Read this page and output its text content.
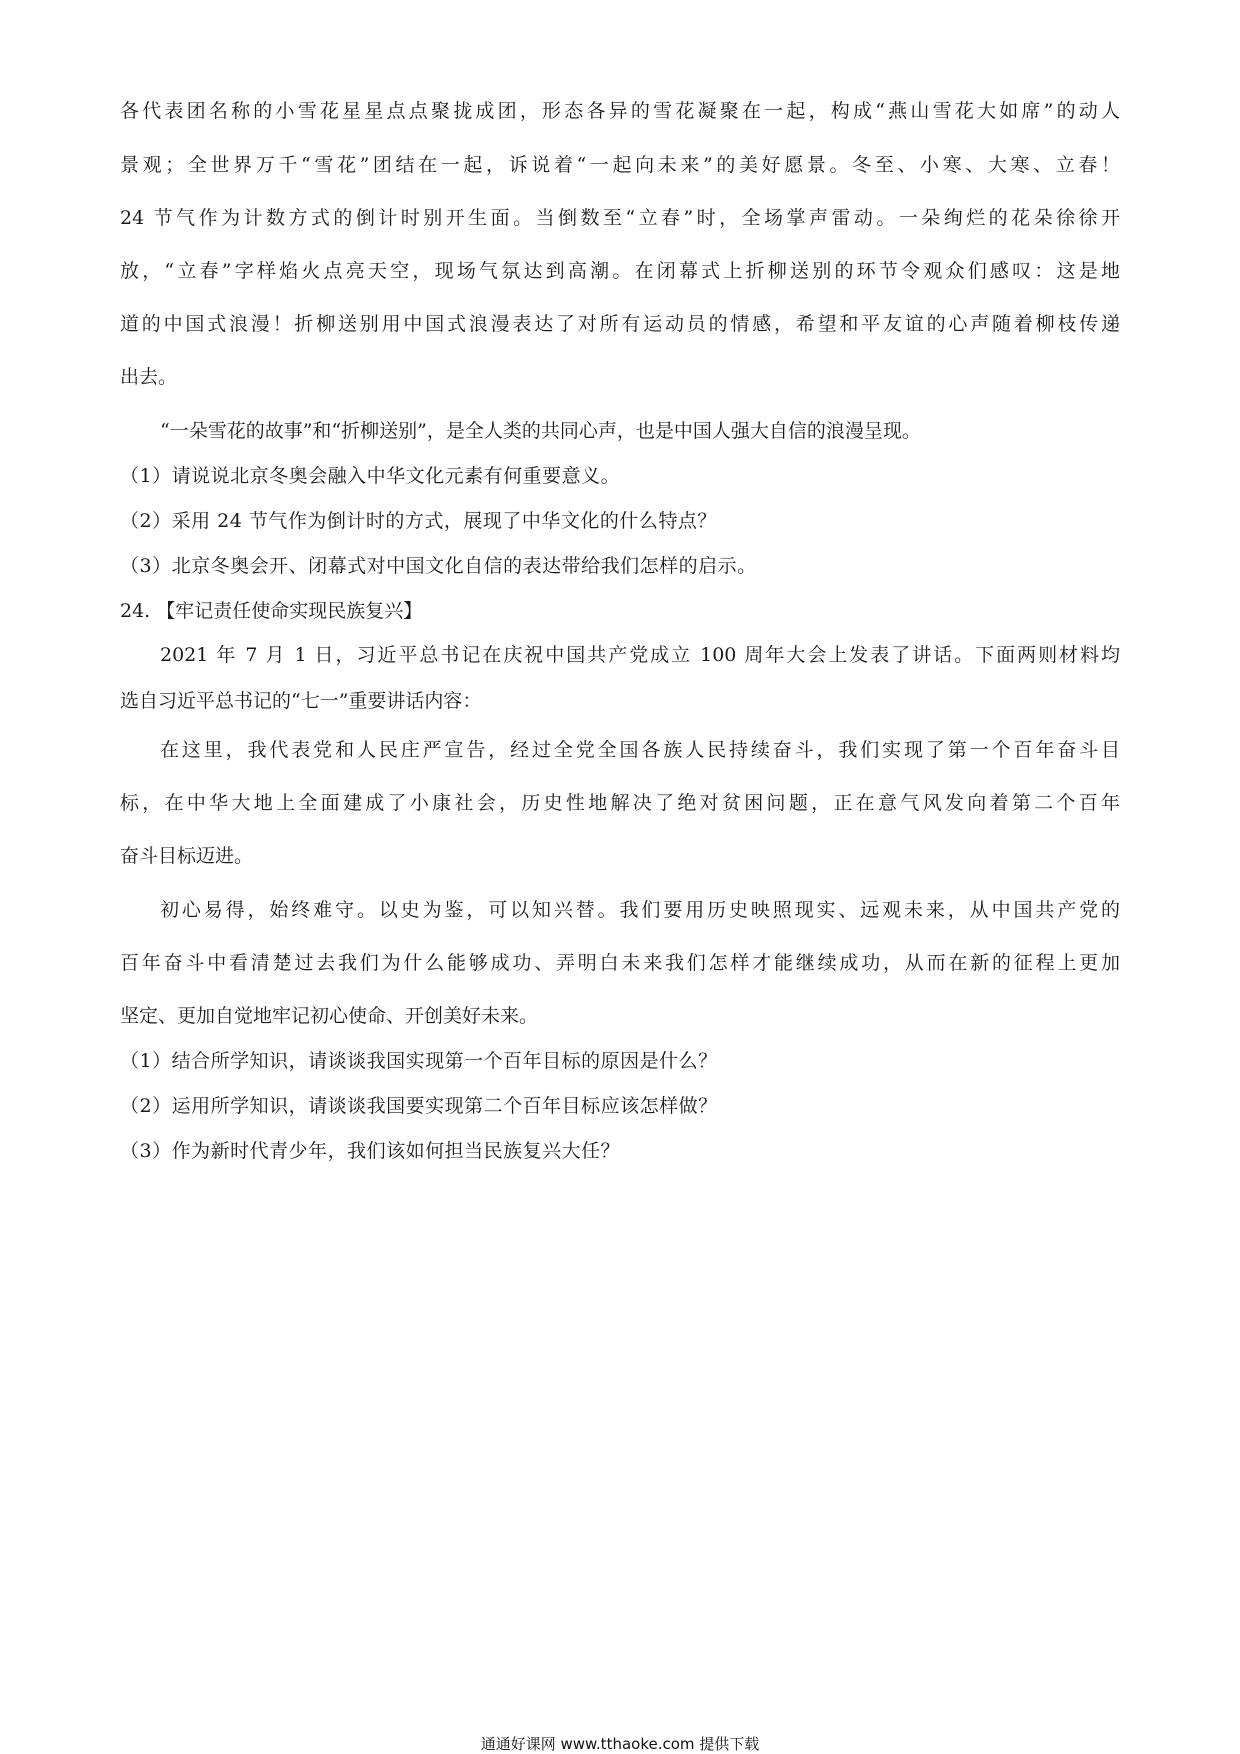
各代表团名称的小雪花星星点点聚拢成团，形态各异的雪花凝聚在一起，构成“燕山雪花大如席”的动人
景观；全世界万千“雪花”团结在一起，诉说着“一起向未来”的美好愿景。冬至、小寒、大寒、立春！
24 节气作为计数方式的倒计时别开生面。当倒数至“立春”时，全场掌声雷动。一朵绚烂的花朵徐徐开
放，“立春”字样焰火点亮天空，现场气氛达到高潮。在闭幕式上折柳送别的环节令观众们感叹：这是地
道的中国式浪漫！折柳送别用中国式浪漫表达了对所有运动员的情感，希望和平友谊的心声随着柳枝传递
出去。
“一朵雪花的故事”和“折柳送别”，是全人类的共同心声，也是中国人强大自信的浪漫呈现。
（1）请说说北京冬奥会融入中华文化元素有何重要意义。
（2）采用 24 节气作为倒计时的方式，展现了中华文化的什么特点？
（3）北京冬奥会开、闭幕式对中国文化自信的表达带给我们怎样的启示。
24. 【牢记责任使命实现民族复兴】
2021 年 7 月 1 日，习近平总书记在庆祝中国共产党成立 100 周年大会上发表了讲话。下面两则材料均
选自习近平总书记的“七一”重要讲话内容：
在这里，我代表党和人民庄严宣告，经过全党全国各族人民持续奋斗，我们实现了第一个百年奋斗目
标，在中华大地上全面建成了小康社会，历史性地解决了绝对贫困问题，正在意气风发向着第二个百年
奋斗目标迈进。
初心易得，始终难守。以史为鉴，可以知兴替。我们要用历史映照现实、远观未来，从中国共产党的
百年奋斗中看清楚过去我们为什么能够成功、弄明白未来我们怎样才能继续成功，从而在新的征程上更加
坚定、更加自觉地牢记初心使命、开创美好未来。
（1）结合所学知识，请谈谈我国实现第一个百年目标的原因是什么？
（2）运用所学知识，请谈谈我国要实现第二个百年目标应该怎样做？
（3）作为新时代青少年，我们该如何担当民族复兴大任？
通通好课网 www.tthaoke.com 提供下载
